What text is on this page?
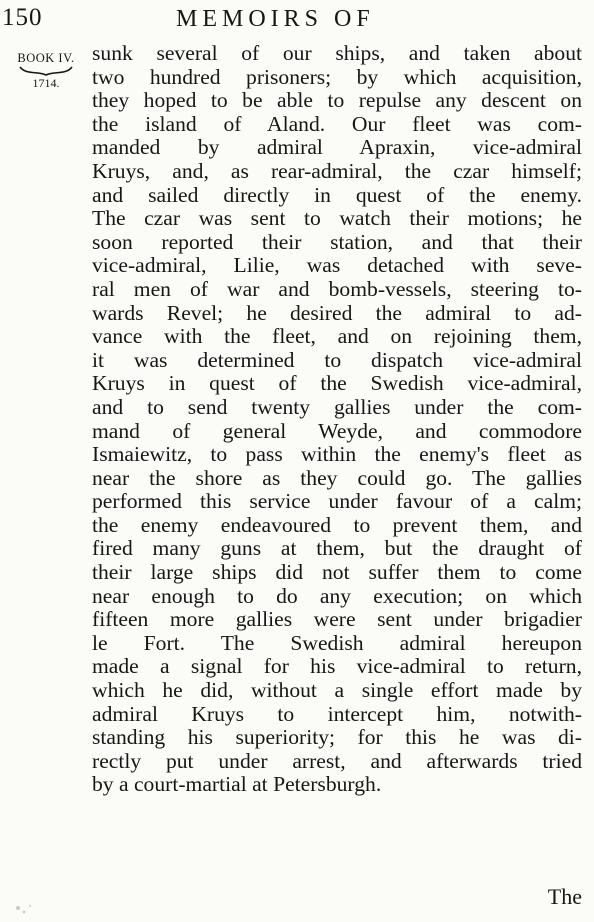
150	MEMOIRS OF
BOOK IV.
1714.
sunk several of our ships, and taken about
two hundred prisoners; by which acquisition,
they hoped to be able to repulse any descent on
the island of Aland. Our fleet was com-
manded by admiral Apraxin, vice-admiral
Kruys, and, as rear-admiral, the czar himself;
and sailed directly in quest of the enemy.
The czar was sent to watch their motions; he
soon reported their station, and that their
vice-admiral, Lilie, was detached with seve-
ral men of war and bomb-vessels, steering to-
wards Revel; he desired the admiral to ad-
vance with the fleet, and on rejoining them,
it was determined to dispatch vice-admiral
Kruys in quest of the Swedish vice-admiral,
and to send twenty gallies under the com-
mand of general Weyde, and commodore
Ismaiewitz, to pass within the enemy's fleet as
near the shore as they could go. The gallies
performed this service under favour of a calm;
the enemy endeavoured to prevent them, and
fired many guns at them, but the draught of
their large ships did not suffer them to come
near enough to do any execution; on which
fifteen more gallies were sent under brigadier
le Fort. The Swedish admiral hereupon
made a signal for his vice-admiral to return,
which he did, without a single effort made by
admiral Kruys to intercept him, notwith-
standing his superiority; for this he was di-
rectly put under arrest, and afterwards tried
by a court-martial at Petersburgh.
The
